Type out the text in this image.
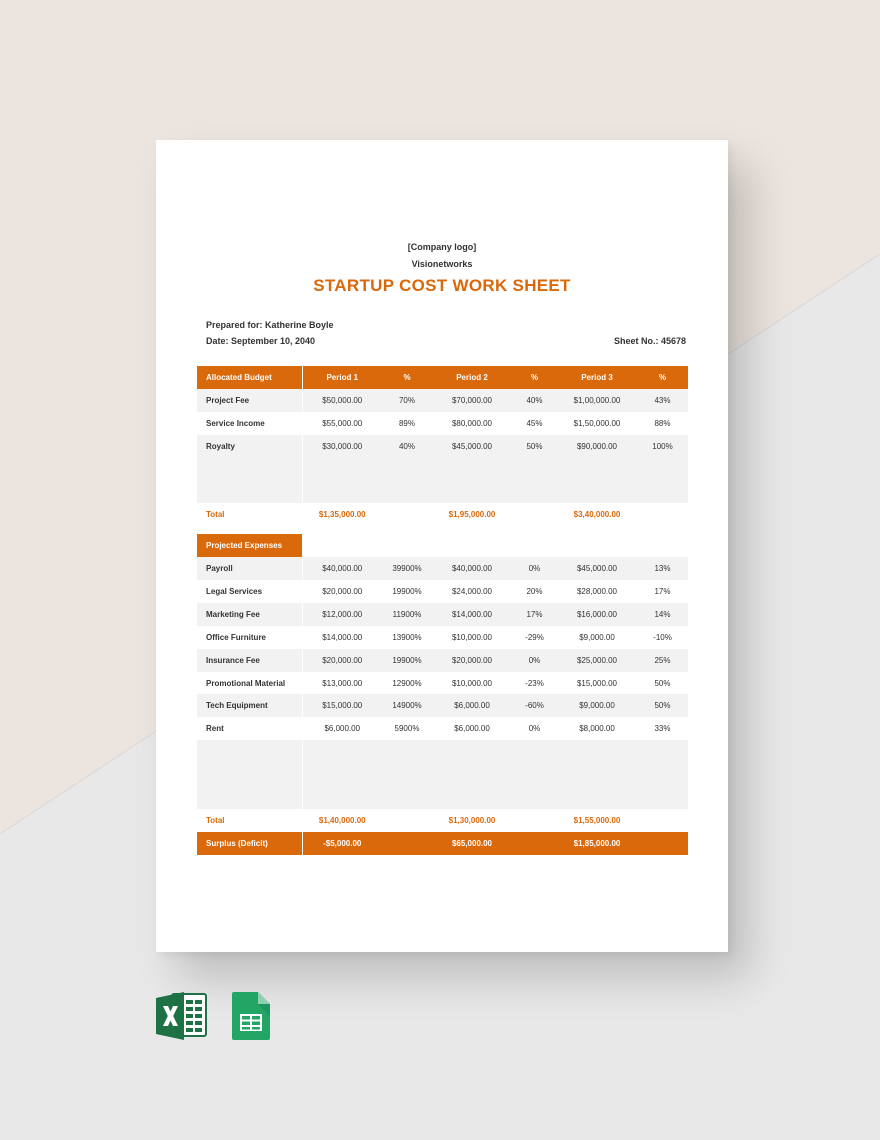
[Company logo]
Visionetworks
STARTUP COST WORK SHEET
Prepared for: Katherine Boyle
Date: September 10, 2040	Sheet No.: 45678
Allocated Budget	Period 1	%	Period 2	%	Period 3	%
Project Fee	$50,000.00	70%	$70,000.00	40%	$1,00,000.00	43%
Service Income	$55,000.00	89%	$80,000.00	45%	$1,50,000.00	88%
Royalty	$30,000.00	40%	$45,000.00	50%	$90,000.00	100%

Total	$1,35,000.00		$1,95,000.00		$3,40,000.00	

Projected Expenses						
Payroll	$40,000.00	39900%	$40,000.00	0%	$45,000.00	13%
Legal Services	$20,000.00	19900%	$24,000.00	20%	$28,000.00	17%
Marketing Fee	$12,000.00	11900%	$14,000.00	17%	$16,000.00	14%
Office Furniture	$14,000.00	13900%	$10,000.00	-29%	$9,000.00	-10%
Insurance Fee	$20,000.00	19900%	$20,000.00	0%	$25,000.00	25%
Promotional Material	$13,000.00	12900%	$10,000.00	-23%	$15,000.00	50%
Tech Equipment	$15,000.00	14900%	$6,000.00	-60%	$9,000.00	50%
Rent	$6,000.00	5900%	$6,000.00	0%	$8,000.00	33%

Total	$1,40,000.00		$1,30,000.00		$1,55,000.00	
Surplus (Deficit)	-$5,000.00		$65,000.00		$1,85,000.00	
